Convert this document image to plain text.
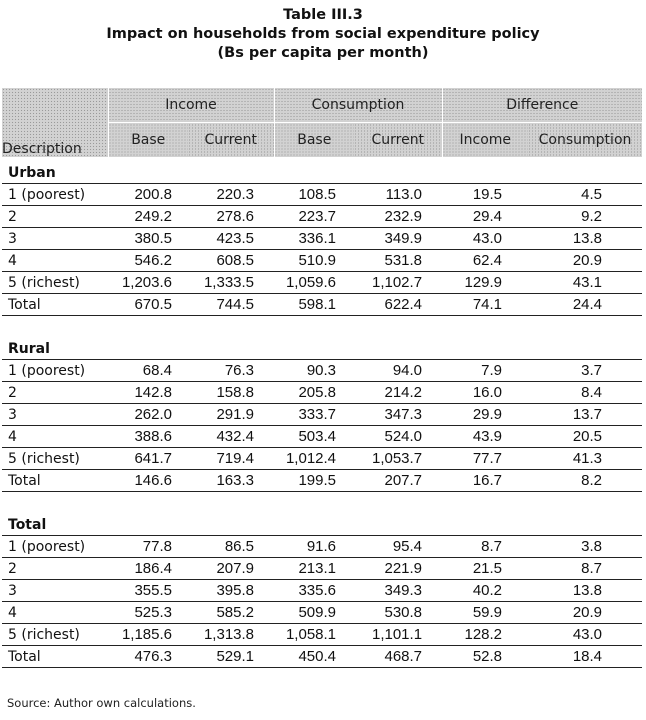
Table III.3
Impact on households from social expenditure policy
(Bs per capita per month)
Description	Income		Consumption		Difference	
	Base	Current	Base	Current	Income	Consumption
Urban						
1 (poorest)	200.8	220.3	108.5	113.0	19.5	4.5
2	249.2	278.6	223.7	232.9	29.4	9.2
3	380.5	423.5	336.1	349.9	43.0	13.8
4	546.2	608.5	510.9	531.8	62.4	20.9
5 (richest)	1,203.6	1,333.5	1,059.6	1,102.7	129.9	43.1
Total	670.5	744.5	598.1	622.4	74.1	24.4

Rural						
1 (poorest)	68.4	76.3	90.3	94.0	7.9	3.7
2	142.8	158.8	205.8	214.2	16.0	8.4
3	262.0	291.9	333.7	347.3	29.9	13.7
4	388.6	432.4	503.4	524.0	43.9	20.5
5 (richest)	641.7	719.4	1,012.4	1,053.7	77.7	41.3
Total	146.6	163.3	199.5	207.7	16.7	8.2

Total						
1 (poorest)	77.8	86.5	91.6	95.4	8.7	3.8
2	186.4	207.9	213.1	221.9	21.5	8.7
3	355.5	395.8	335.6	349.3	40.2	13.8
4	525.3	585.2	509.9	530.8	59.9	20.9
5 (richest)	1,185.6	1,313.8	1,058.1	1,101.1	128.2	43.0
Total	476.3	529.1	450.4	468.7	52.8	18.4
Source: Author own calculations.
